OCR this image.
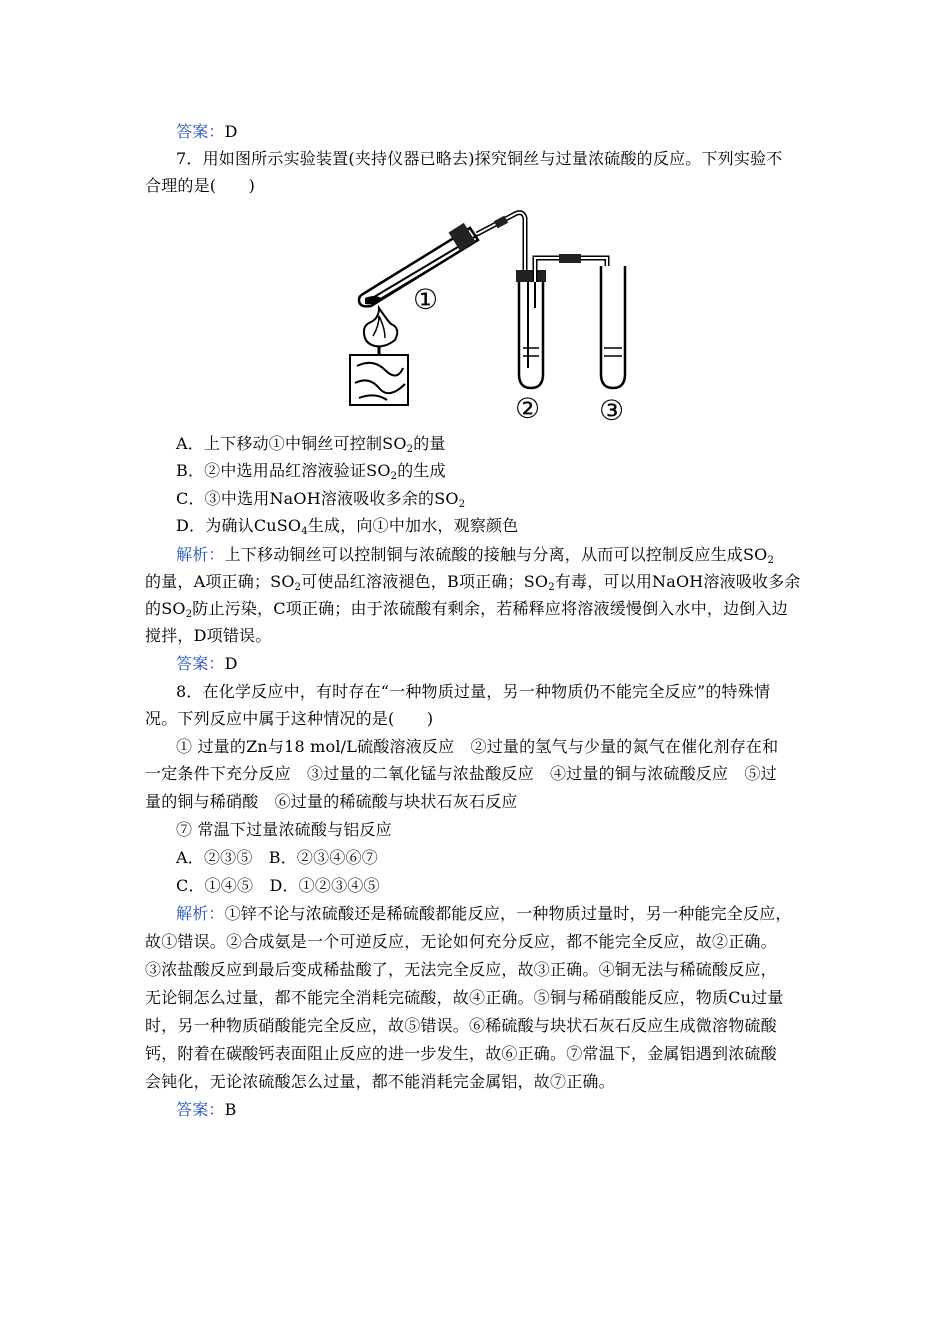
答案：D
7．用如图所示实验装置(夹持仪器已略去)探究铜丝与过量浓硫酸的反应。下列实验不
合理的是(　　)
①
② ③
A．上下移动①中铜丝可控制$SO_2$的量
B．②中选用品红溶液验证$SO_2$的生成
C．③中选用NaOH溶液吸收多余的$SO_2$
D．为确认CuSO$_4$生成，向①中加水，观察颜色
解析：上下移动铜丝可以控制铜与浓硫酸的接触与分离，从而可以控制反应生成$SO_2$
的量，A项正确；$SO_2$可使品红溶液褪色，B项正确；$SO_2$有毒，可以用NaOH溶液吸收多余
的$SO_2$防止污染，C项正确；由于浓硫酸有剩余，若稀释应将溶液缓慢倒入水中，边倒入边
搅拌，D项错误。
答案：D
8．在化学反应中，有时存在“一种物质过量，另一种物质仍不能完全反应”的特殊情
况。下列反应中属于这种情况的是(　　)
① 过量的Zn与18 mol/L硫酸溶液反应　②过量的氢气与少量的氮气在催化剂存在和
一定条件下充分反应　③过量的二氧化锰与浓盐酸反应　④过量的铜与浓硫酸反应　⑤过
量的铜与稀硝酸　⑥过量的稀硫酸与块状石灰石反应
⑦ 常温下过量浓硫酸与铝反应
A．②③⑤　B．②③④⑥⑦
C．①④⑤　D．①②③④⑤
解析：①锌不论与浓硫酸还是稀硫酸都能反应，一种物质过量时，另一种能完全反应，
故①错误。②合成氨是一个可逆反应，无论如何充分反应，都不能完全反应，故②正确。
③浓盐酸反应到最后变成稀盐酸了，无法完全反应，故③正确。④铜无法与稀硫酸反应，
无论铜怎么过量，都不能完全消耗完硫酸，故④正确。⑤铜与稀硝酸能反应，物质Cu过量
时，另一种物质硝酸能完全反应，故⑤错误。⑥稀硫酸与块状石灰石反应生成微溶物硫酸
钙，附着在碳酸钙表面阻止反应的进一步发生，故⑥正确。⑦常温下，金属铝遇到浓硫酸
会钝化，无论浓硫酸怎么过量，都不能消耗完金属铝，故⑦正确。
答案：B
